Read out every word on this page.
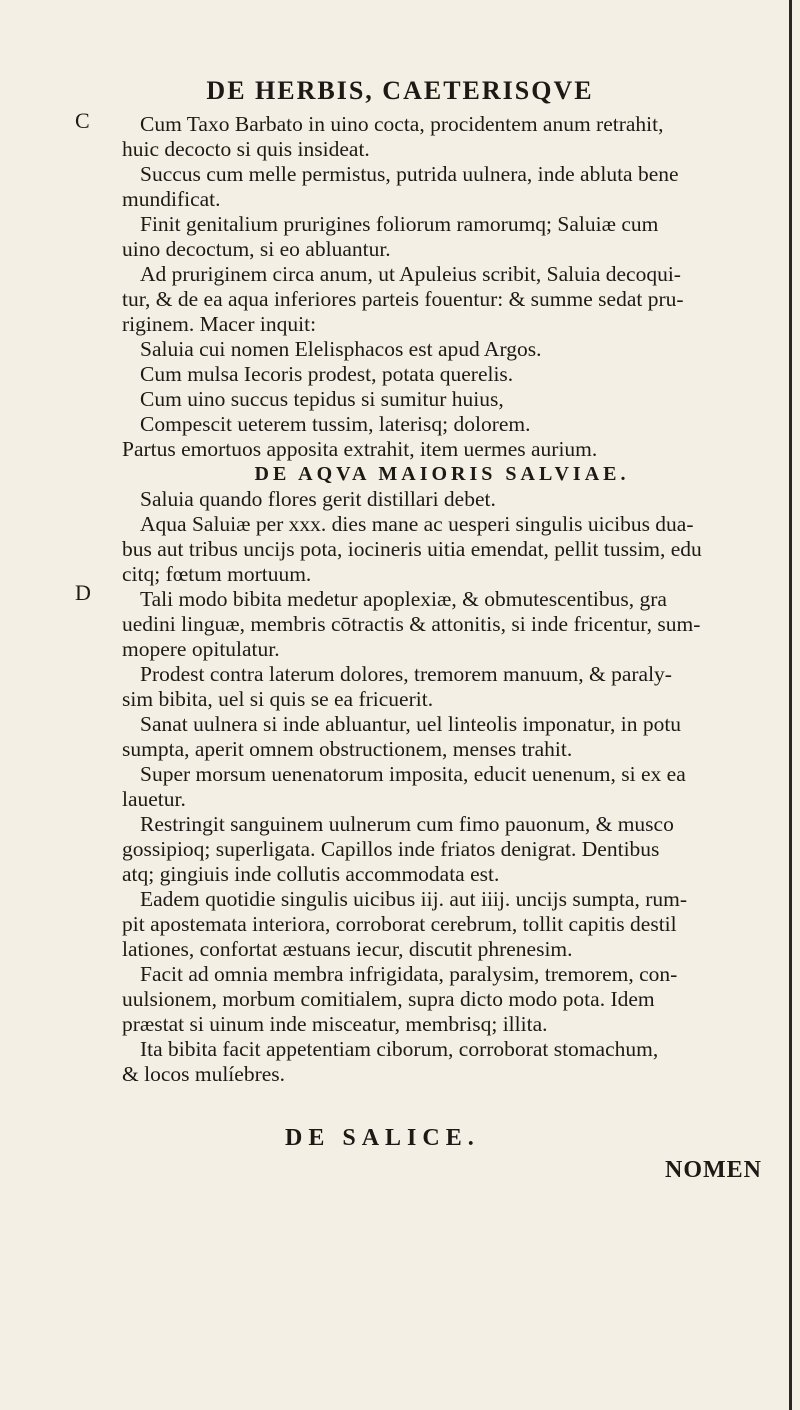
DE HERBIS, CAETERISQVE
C
D
Cum Taxo Barbato in uino cocta, procidentem anum retrahit,
huic decocto si quis insideat.
Succus cum melle permistus, putrida uulnera, inde abluta bene
mundificat.
Finit genitalium prurigines foliorum ramorumq; Saluiæ cum
uino decoctum, si eo abluantur.
Ad pruriginem circa anum, ut Apuleius scribit, Saluia decoqui-
tur, & de ea aqua inferiores parteis fouentur: & summe sedat pru-
riginem. Macer inquit:
Saluia cui nomen Elelisphacos est apud Argos.
Cum mulsa Iecoris prodest, potata querelis.
Cum uino succus tepidus si sumitur huius,
Compescit ueterem tussim, laterisq; dolorem.
Partus emortuos apposita extrahit, item uermes aurium.
DE AQVA MAIORIS SALVIAE.
Saluia quando flores gerit distillari debet.
Aqua Saluiæ per xxx. dies mane ac uesperi singulis uicibus dua-
bus aut tribus uncijs pota, iocineris uitia emendat, pellit tussim, edu
citq; fœtum mortuum.
Tali modo bibita medetur apoplexiæ, & obmutescentibus, gra
uedini linguæ, membris cōtractis & attonitis, si inde fricentur, sum-
mopere opitulatur.
Prodest contra laterum dolores, tremorem manuum, & paraly-
sim bibita, uel si quis se ea fricuerit.
Sanat uulnera si inde abluantur, uel linteolis imponatur, in potu
sumpta, aperit omnem obstructionem, menses trahit.
Super morsum uenenatorum imposita, educit uenenum, si ex ea
lauetur.
Restringit sanguinem uulnerum cum fimo pauonum, & musco
gossipioq; superligata. Capillos inde friatos denigrat. Dentibus
atq; gingiuis inde collutis accommodata est.
Eadem quotidie singulis uicibus iij. aut iiij. uncijs sumpta, rum-
pit apostemata interiora, corroborat cerebrum, tollit capitis destil
lationes, confortat æstuans iecur, discutit phrenesim.
Facit ad omnia membra infrigidata, paralysim, tremorem, con-
uulsionem, morbum comitialem, supra dicto modo pota. Idem
præstat si uinum inde misceatur, membrisq; illita.
Ita bibita facit appetentiam ciborum, corroborat stomachum,
& locos mulíebres.
DE SALICE.
NOMEN
